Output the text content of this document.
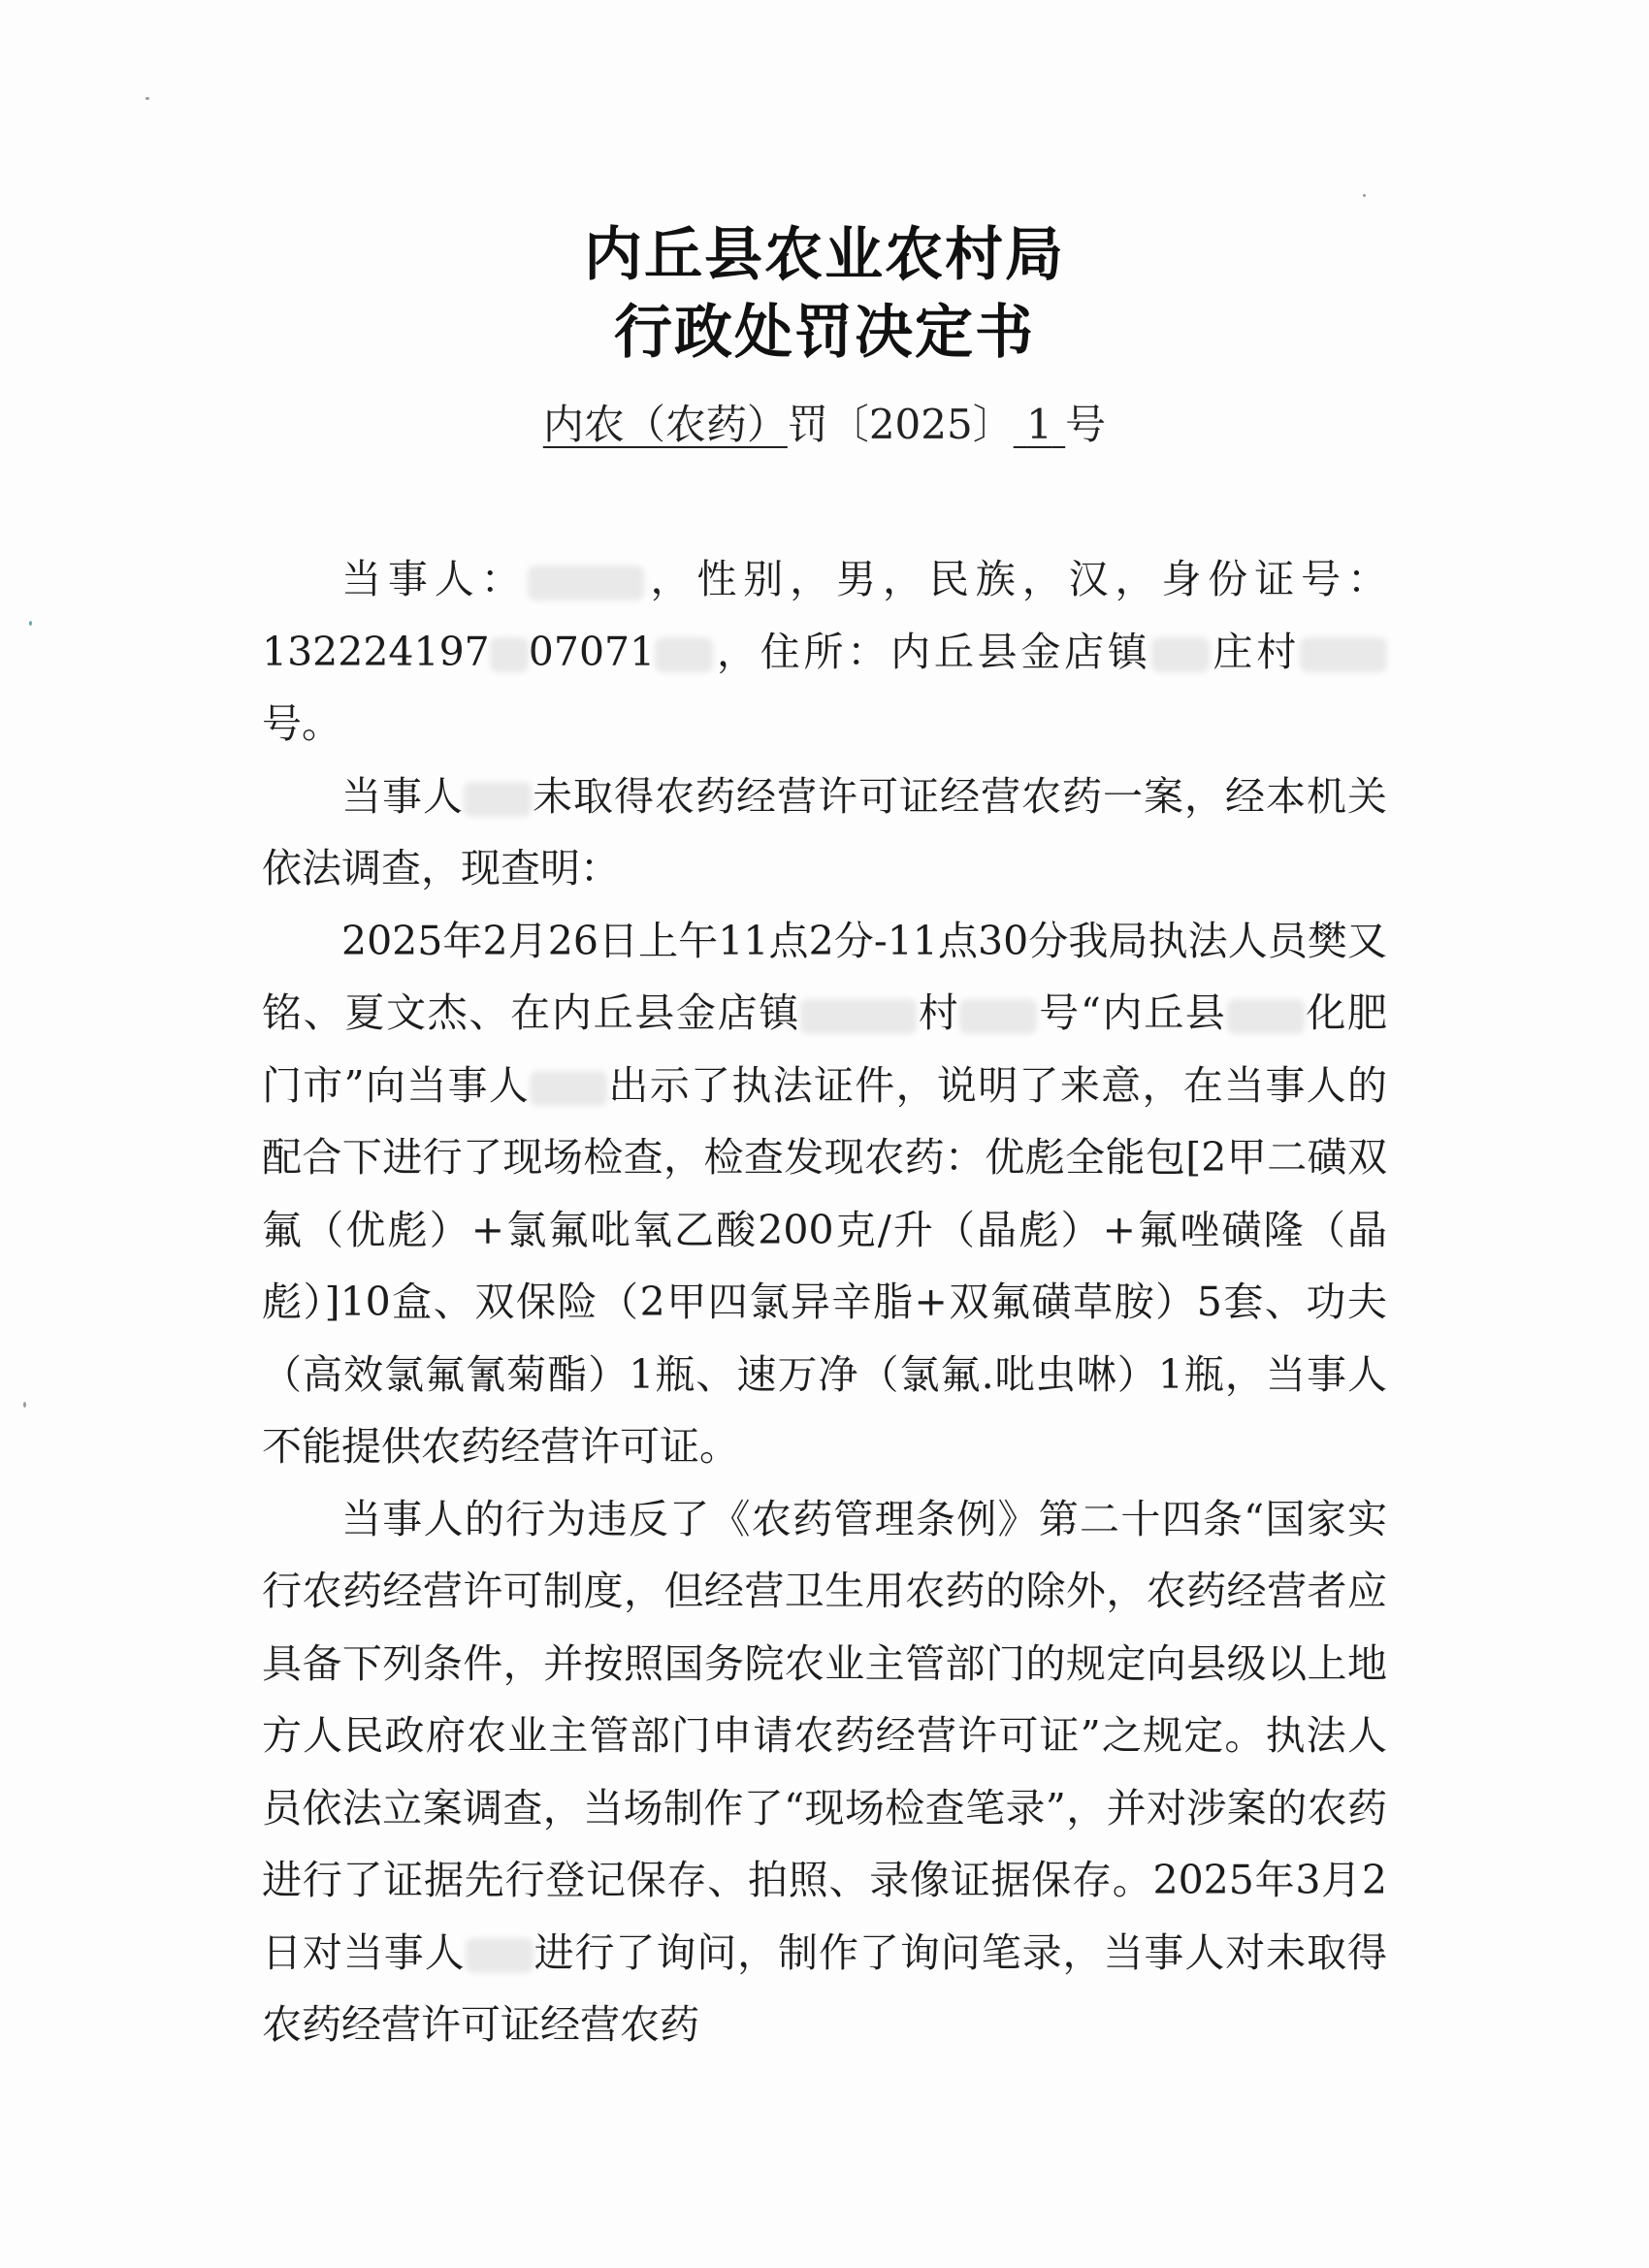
内丘县农业农村局
行政处罚决定书
内农（农药）罚〔2025〕 1 号

当事人：	，性别，男，民族，汉，身份证号：132224197 07071 ，住所：内丘县金店镇 庄村号。

当事人 未取得农药经营许可证经营农药一案，经本机关依法调查，现查明：

2025年2月26日上午11点2分-11点30分我局执法人员樊又铭、夏文杰、在内丘县金店镇	村 号“内丘县 化肥门市”向当事人 出示了执法证件，说明了来意，在当事人的配合下进行了现场检查，检查发现农药：优彪全能包[2甲二磺双氟（优彪）+氯氟吡氧乙酸200克/升（晶彪）+氟唑磺隆（晶彪）]10盒、双保险（2甲四氯异辛脂+双氟磺草胺）5套、功夫（高效氯氟氰菊酯）1瓶、速万净（氯氟.吡虫啉）1瓶，当事人不能提供农药经营许可证。

当事人的行为违反了《农药管理条例》第二十四条“国家实行农药经营许可制度，但经营卫生用农药的除外，农药经营者应具备下列条件，并按照国务院农业主管部门的规定向县级以上地方人民政府农业主管部门申请农药经营许可证”之规定。执法人员依法立案调查，当场制作了“现场检查笔录”，并对涉案的农药进行了证据先行登记保存、拍照、录像证据保存。2025年3月2日对当事人 进行了询问，制作了询问笔录，当事人对未取得农药经营许可证经营农药
